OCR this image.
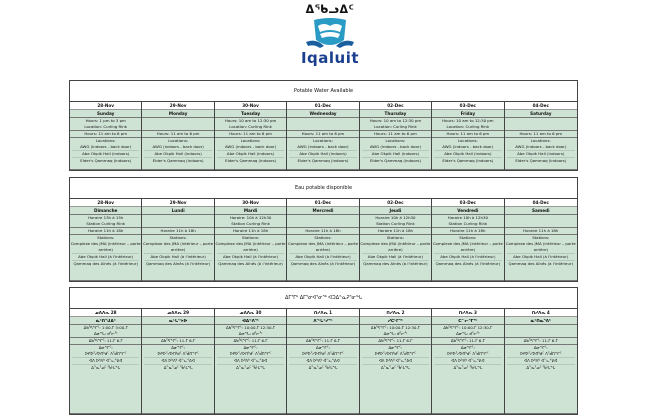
ᐃᖃᓗᐃᑦ
Iqaluit
Potable Water Available
28-Nov
Sunday
Hours: 1 pm to 3 pm
Location: Curling Rink
Hours: 11 am to 6 pm
Locations:
AWG (indoors - back door)
Abe Okpik Hall (indoors)
Elder's Qammaq (indoors)
29-Nov
Monday
Hours: 11 am to 6 pm
Locations:
AWG (indoors - back door)
Abe Okpik Hall (indoors)
Elder's Qammaq (indoors)
30-Nov
Tuesday
Hours: 10 am to 12:30 pm
Location: Curling Rink
Hours: 11 am to 6 pm
Locations:
AWG (indoors - back door)
Abe Okpik Hall (indoors)
Elder's Qammaq (indoors)
01-Dec
Wednesday
Hours: 11 am to 6 pm
Locations:
AWG (indoors - back door)
Abe Okpik Hall (indoors)
Elder's Qammaq (indoors)
02-Dec
Thursday
Hours: 10 am to 12:30 pm
Location: Curling Rink
Hours: 11 am to 6 pm
Locations:
AWG (indoors - back door)
Abe Okpik Hall (indoors)
Elder's Qammaq (indoors)
03-Dec
Friday
Hours: 10 am to 12:30 pm
Location: Curling Rink
Hours: 11 am to 6 pm
Locations:
AWG (indoors - back door)
Abe Okpik Hall (indoors)
Elder's Qammaq (indoors)
04-Dec
Saturday
Hours: 11 am to 6 pm
Locations:
AWG (indoors - back door)
Abe Okpik Hall (indoors)
Elder's Qammaq (indoors)
Eau potable disponible
28-Nov
Dimanche
Horaire 13h à 15h
Station Curling Rink
Horaire 11h à 18h
Stations:
Complexe des JMA (intérieur – porte arrière)
Abe Okpik Hall (à l'intérieur)
Qammaq des Aînés (à l'intérieur)
29-Nov
Lundi
Horaire 11h à 18h
Stations:
Complexe des JMA (intérieur – porte arrière)
Abe Okpik Hall (à l'intérieur)
Qammaq des Aînés (à l'intérieur)
30-Nov
Mardi
Horaire: 10h à 12h30
Station Curling Rink
Horaire 11h à 18h
Stations:
Complexe des JMA (intérieur – porte arrière)
Abe Okpik Hall (à l'intérieur)
Qammaq des Aînés (à l'intérieur)
01-Dec
Mercredi
Horaire 11h à 18h
Stations:
Complexe des JMA (intérieur – porte arrière)
Abe Okpik Hall (à l'intérieur)
Qammaq des Aînés (à l'intérieur)
02-Dec
Jeudi
Horaire 10h à 12h30
Station Curling Rink
Horaire 11h à 18h
Stations:
Complexe des JMA (intérieur – porte arrière)
Abe Okpik Hall (à l'intérieur)
Qammaq des Aînés (à l'intérieur)
03-Dec
Vendredi
Horaire 10h à 12h30
Station Curling Rink
Horaire 11h à 18h
Stations:
Complexe des JMA (intérieur – porte arrière)
Abe Okpik Hall (à l'intérieur)
Qammaq des Aînés (à l'intérieur)
04-Dec
Samedi
Horaire 11h à 18h
Stations:
Complexe des JMA (intérieur – porte arrière)
Abe Okpik Hall (à l'intérieur)
Qammaq des Aînés (à l'intérieur)
ᐃᒥᕐᒥᒃ ᐃᒥᕐᓂᐊᕐᓂᖅ ᐊᑐᐃᓐᓇᕈᕐᓂᖓ
ᓄᕕᐱᕆ 28
ᓈᑦᑎᖑᐃᑦ
ᐃᑲᕐᕋᖏᑦ: 1:00-ᒥ 3:00-ᒥ
ᐃᓂᖓ: ᑯᕐᓕᖕ
ᐃᑲᕐᕋᖏᑦ: 11-ᒥ 6-ᒥ
ᐃᓂᖏᑦ:
ᐅᑭᐅᕐᓯᐅᑎᒃᑯᑦ ᐱᖁᑎᖏᑦ
ᐊᐱ ᐅᒃᐱᒃ ᐊᓪᓚᕝᕕᐊ
ᐃᓐᓇᕐᓄᑦ ᖃᒻᒪᖓ
ᓄᕕᐱᕆ 29
ᓇᒡᒐᔾᔭᐅ
ᐃᑲᕐᕋᖏᑦ: 11-ᒥ 6-ᒥ
ᐃᓂᖏᑦ:
ᐅᑭᐅᕐᓯᐅᑎᒃᑯᑦ ᐱᖁᑎᖏᑦ
ᐊᐱ ᐅᒃᐱᒃ ᐊᓪᓚᕝᕕᐊ
ᐃᓐᓇᕐᓄᑦ ᖃᒻᒪᖓ
ᓄᕕᐱᕆ 30
ᐊᐃᑉᐱᖅ
ᐃᑲᕐᕋᖏᑦ: 10:00-ᒥ 12:30-ᒥ
ᐃᓂᖓ: ᑯᕐᓕᖕ
ᐃᑲᕐᕋᖏᑦ: 11-ᒥ 6-ᒥ
ᐃᓂᖏᑦ:
ᐅᑭᐅᕐᓯᐅᑎᒃᑯᑦ ᐱᖁᑎᖏᑦ
ᐊᐱ ᐅᒃᐱᒃ ᐊᓪᓚᕝᕕᐊ
ᐃᓐᓇᕐᓄᑦ ᖃᒻᒪᖓ
ᑎᓯᐱᕆ 1
ᐱᖓᑦᓯᖅ
ᐃᑲᕐᕋᖏᑦ: 11-ᒥ 6-ᒥ
ᐃᓂᖏᑦ:
ᐅᑭᐅᕐᓯᐅᑎᒃᑯᑦ ᐱᖁᑎᖏᑦ
ᐊᐱ ᐅᒃᐱᒃ ᐊᓪᓚᕝᕕᐊ
ᐃᓐᓇᕐᓄᑦ ᖃᒻᒪᖓ
ᑎᓯᐱᕆ 2
ᓯᑕᒻᒥᖅ
ᐃᑲᕐᕋᖏᑦ: 10:00-ᒥ 12:30-ᒥ
ᐃᓂᖓ: ᑯᕐᓕᖕ
ᐃᑲᕐᕋᖏᑦ: 11-ᒥ 6-ᒥ
ᐃᓂᖏᑦ:
ᐅᑭᐅᕐᓯᐅᑎᒃᑯᑦ ᐱᖁᑎᖏᑦ
ᐊᐱ ᐅᒃᐱᒃ ᐊᓪᓚᕝᕕᐊ
ᐃᓐᓇᕐᓄᑦ ᖃᒻᒪᖓ
ᑎᓯᐱᕆ 3
ᑕᓪᓕᕐᒥᖅ
ᐃᑲᕐᕋᖏᑦ: 10:00-ᒥ 12:30-ᒥ
ᐃᓂᖓ: ᑯᕐᓕᖕ
ᐃᑲᕐᕋᖏᑦ: 11-ᒥ 6-ᒥ
ᐃᓂᖏᑦ:
ᐅᑭᐅᕐᓯᐅᑎᒃᑯᑦ ᐱᖁᑎᖏᑦ
ᐊᐱ ᐅᒃᐱᒃ ᐊᓪᓚᕝᕕᐊ
ᐃᓐᓇᕐᓄᑦ ᖃᒻᒪᖓ
ᑎᓯᐱᕆ 4
ᓈᑦᑎᓇᕐᕕᒃ
ᐃᑲᕐᕋᖏᑦ: 11-ᒥ 6-ᒥ
ᐃᓂᖏᑦ:
ᐅᑭᐅᕐᓯᐅᑎᒃᑯᑦ ᐱᖁᑎᖏᑦ
ᐊᐱ ᐅᒃᐱᒃ ᐊᓪᓚᕝᕕᐊ
ᐃᓐᓇᕐᓄᑦ ᖃᒻᒪᖓ
